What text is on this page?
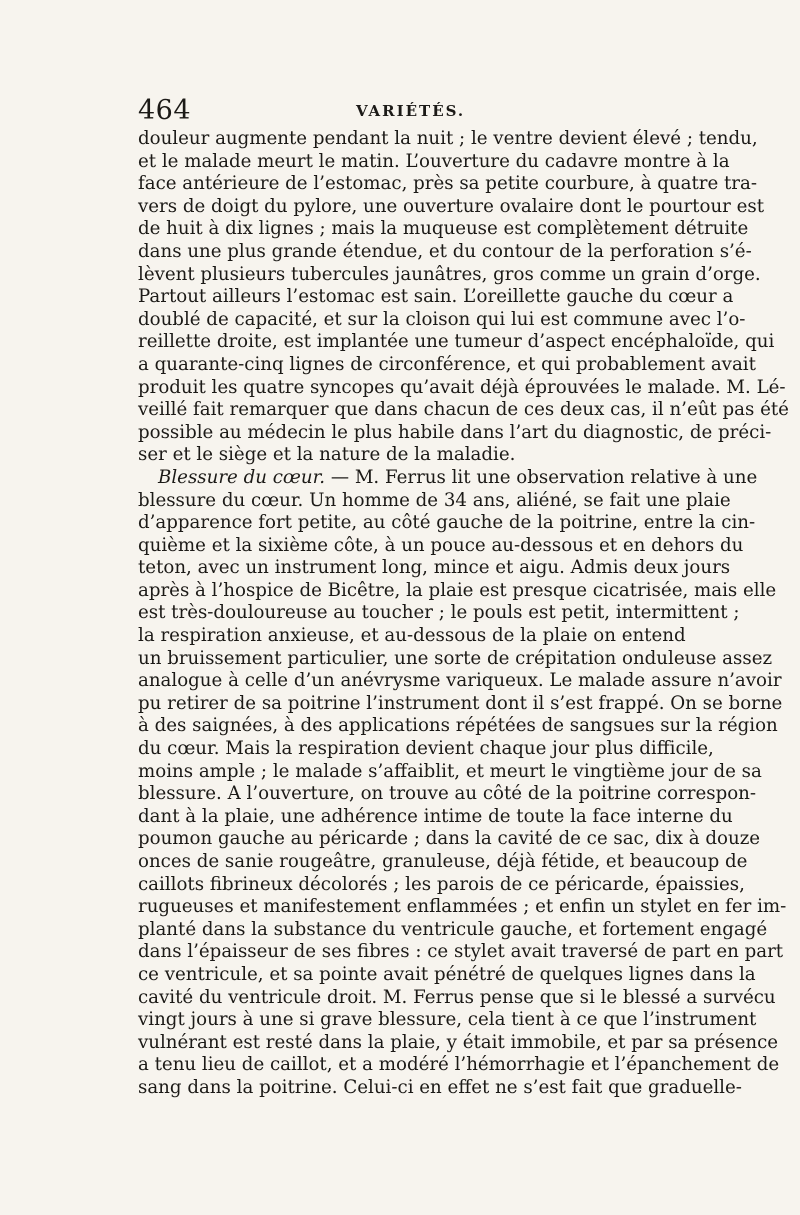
464	VARIÉTÉS.
douleur augmente pendant la nuit ; le ventre devient élevé ; tendu,
et le malade meurt le matin. L’ouverture du cadavre montre à la
face antérieure de l’estomac, près sa petite courbure, à quatre tra-
vers de doigt du pylore, une ouverture ovalaire dont le pourtour est
de huit à dix lignes ; mais la muqueuse est complètement détruite
dans une plus grande étendue, et du contour de la perforation s’é-
lèvent plusieurs tubercules jaunâtres, gros comme un grain d’orge.
Partout ailleurs l’estomac est sain. L’oreillette gauche du cœur a
doublé de capacité, et sur la cloison qui lui est commune avec l’o-
reillette droite, est implantée une tumeur d’aspect encéphaloïde, qui
a quarante-cinq lignes de circonférence, et qui probablement avait
produit les quatre syncopes qu’avait déjà éprouvées le malade. M. Lé-
veillé fait remarquer que dans chacun de ces deux cas, il n’eût pas été
possible au médecin le plus habile dans l’art du diagnostic, de préci-
ser et le siège et la nature de la maladie.
Blessure du cœur. — M. Ferrus lit une observation relative à une
blessure du cœur. Un homme de 34 ans, aliéné, se fait une plaie
d’apparence fort petite, au côté gauche de la poitrine, entre la cin-
quième et la sixième côte, à un pouce au-dessous et en dehors du
teton, avec un instrument long, mince et aigu. Admis deux jours
après à l’hospice de Bicêtre, la plaie est presque cicatrisée, mais elle
est très-douloureuse au toucher ; le pouls est petit, intermittent ;
la respiration anxieuse, et au-dessous de la plaie on entend
un bruissement particulier, une sorte de crépitation onduleuse assez
analogue à celle d’un anévrysme variqueux. Le malade assure n’avoir
pu retirer de sa poitrine l’instrument dont il s’est frappé. On se borne
à des saignées, à des applications répétées de sangsues sur la région
du cœur. Mais la respiration devient chaque jour plus difficile,
moins ample ; le malade s’affaiblit, et meurt le vingtième jour de sa
blessure. A l’ouverture, on trouve au côté de la poitrine correspon-
dant à la plaie, une adhérence intime de toute la face interne du
poumon gauche au péricarde ; dans la cavité de ce sac, dix à douze
onces de sanie rougeâtre, granuleuse, déjà fétide, et beaucoup de
caillots fibrineux décolorés ; les parois de ce péricarde, épaissies,
rugueuses et manifestement enflammées ; et enfin un stylet en fer im-
planté dans la substance du ventricule gauche, et fortement engagé
dans l’épaisseur de ses fibres : ce stylet avait traversé de part en part
ce ventricule, et sa pointe avait pénétré de quelques lignes dans la
cavité du ventricule droit. M. Ferrus pense que si le blessé a survécu
vingt jours à une si grave blessure, cela tient à ce que l’instrument
vulnérant est resté dans la plaie, y était immobile, et par sa présence
a tenu lieu de caillot, et a modéré l’hémorrhagie et l’épanchement de
sang dans la poitrine. Celui-ci en effet ne s’est fait que graduelle-
